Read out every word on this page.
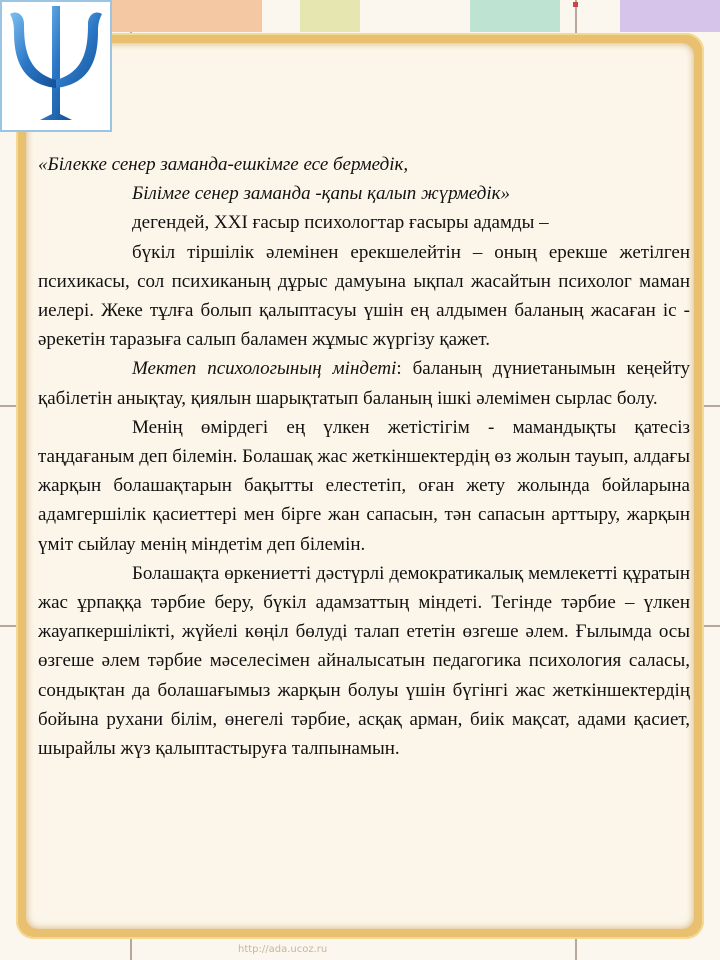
«Білекке сенер заманда-ешкімге есе бермедік,

Білімге сенер заманда -қапы қалып жүрмедік»

дегендей, XXI ғасыр психологтар ғасыры адамды –

бүкіл тіршілік әлемінен ерекшелейтін – оның ерекше жетілген психикасы, сол психиканың дұрыс дамуына ықпал жасайтын психолог маман иелері. Жеке тұлға болып қалыптасуы үшін ең алдымен баланың жасаған іс - әрекетін таразыға салып баламен жұмыс жүргізу қажет.

Мектеп психологының міндеті: баланың дүниетанымын кеңейту қабілетін анықтау, қиялын шарықтатып баланың ішкі әлемімен сырлас болу.

Менің өмірдегі ең үлкен жетістігім - мамандықты қатесіз таңдағаным деп білемін. Болашақ жас жеткіншектердің өз жолын тауып, алдағы жарқын болашақтарын бақытты елестетіп, оған жету жолында бойларына адамгершілік қасиеттері мен бірге жан сапасын, тән сапасын арттыру, жарқын үміт сыйлау менің міндетім деп білемін.

Болашақта өркениетті дәстүрлі демократикалық мемлекетті құратын жас ұрпаққа тәрбие беру, бүкіл адамзаттың міндеті. Тегінде тәрбие – үлкен жауапкершілікті, жүйелі көңіл бөлуді талап ететін өзгеше әлем. Ғылымда осы өзгеше әлем тәрбие мәселесімен айналысатын педагогика психология саласы, сондықтан да болашағымыз жарқын болуы үшін бүгінгі жас жеткіншектердің бойына рухани білім, өнегелі тәрбие, асқақ арман, биік мақсат, адами қасиет, шырайлы жүз қалыптастыруға талпынамын.

http://ada.ucoz.ru
